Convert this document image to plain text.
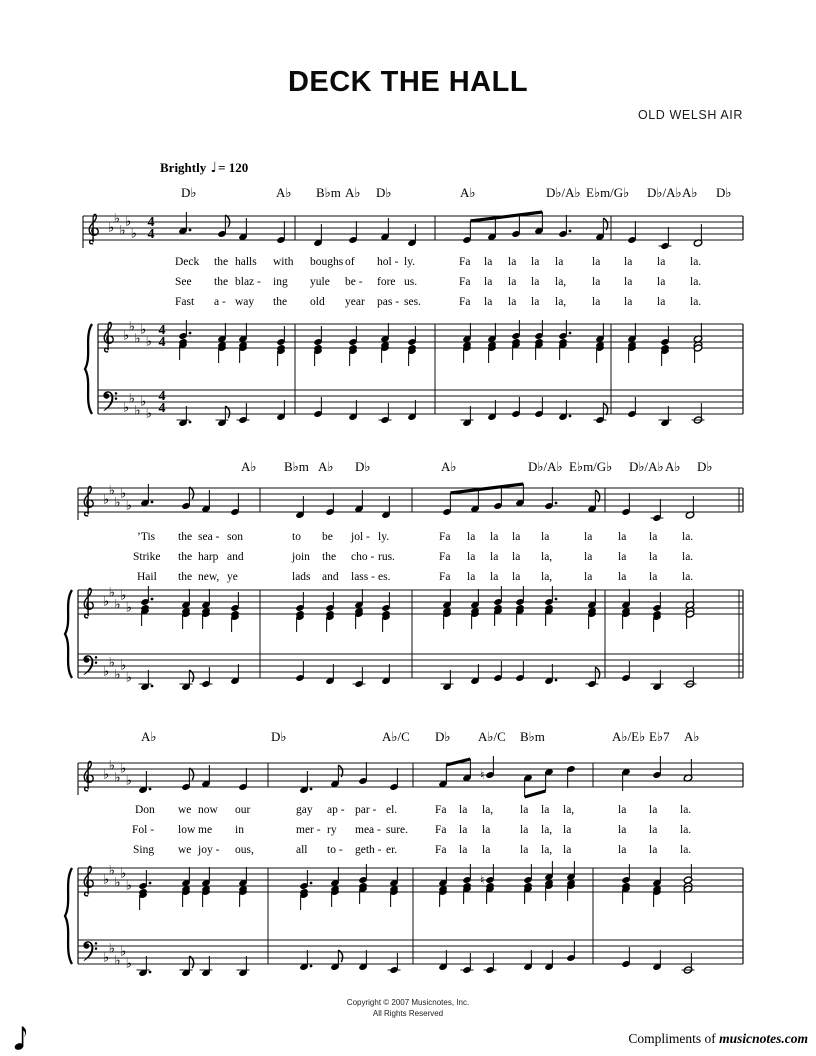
DECK THE HALL
OLD WELSH AIR
Brightly ♩= 120
♭
♭
♭
♭
♭
4
4
♭
♭
♭
♭
♭
♭
♭
♭
♭
♭
4
4
4
4
♭
♭
♭
♭
♭
♭
♭
♭
♭
♭
♭
♭
♭
♭
♭
♭
♭
♭
♭
♭	♮
♭
♭
♭
♭
♭
♭
♭
♭
♭
♭
♮
D♭	A♭ B♭m A♭ D♭	A♭	D♭/A♭ E♭m/G♭ D♭/A♭ A♭ D♭
Deck the halls with boughs of hol - ly.	Fa la la la la la la la la.
See the blaz - ing yule be - fore us.	Fa la la la la, la la la la.
Fast a - way the old year pas - ses.	Fa la la la la, la la la la.
A♭ B♭m A♭ D♭	A♭	D♭/A♭ E♭m/G♭ D♭/A♭ A♭ D♭
’Tis the sea - son	to be jol - ly.	Fa la la la la	la la la la.
Strike the harp and	join the cho - rus.	Fa la la la la,	la la la la.
Hail the new, ye	lads and lass - es.	Fa la la la la,	la la la la.
A♭	D♭	A♭/C D♭ A♭/C B♭m	A♭/E♭ E♭7 A♭
Don we now our	gay ap - par - el.	Fa la la, la la la,	la la la.
Fol - low me in	mer - ry mea - sure. Fa la la	la la, la	la la la.
Sing we joy - ous,	all to - geth - er.	Fa la la	la la, la	la la la.
Copyright © 2007 Musicnotes, Inc.
All Rights Reserved
Compliments of musicnotes.com
